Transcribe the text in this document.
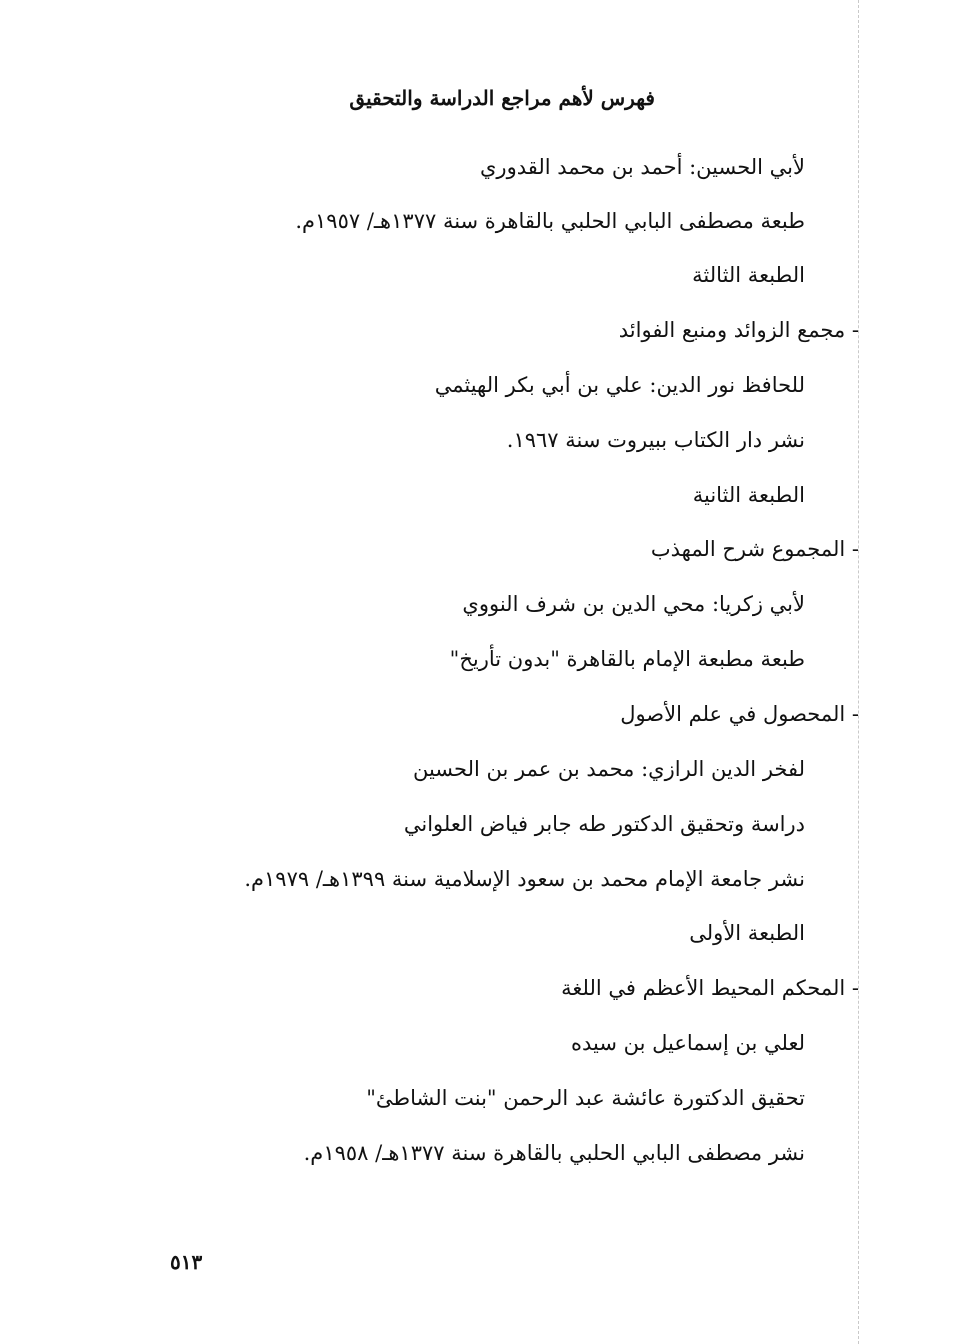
فهرس لأهم مراجع الدراسة والتحقيق
لأبي الحسين: أحمد بن محمد القدوري
طبعة مصطفى البابي الحلبي بالقاهرة سنة ١٣٧٧هـ/ ١٩٥٧م.
الطبعة الثالثة
- مجمع الزوائد ومنبع الفوائد
للحافظ نور الدين: علي بن أبي بكر الهيثمي
نشر دار الكتاب ببيروت سنة ١٩٦٧.
الطبعة الثانية
- المجموع شرح المهذب
لأبي زكريا: محي الدين بن شرف النووي
طبعة مطبعة الإمام بالقاهرة "بدون تأريخ"
- المحصول في علم الأصول
لفخر الدين الرازي: محمد بن عمر بن الحسين
دراسة وتحقيق الدكتور طه جابر فياض العلواني
نشر جامعة الإمام محمد بن سعود الإسلامية سنة ١٣٩٩هـ/ ١٩٧٩م.
الطبعة الأولى
- المحكم المحيط الأعظم في اللغة
لعلي بن إسماعيل بن سيده
تحقيق الدكتورة عائشة عبد الرحمن "بنت الشاطئ"
نشر مصطفى البابي الحلبي بالقاهرة سنة ١٣٧٧هـ/ ١٩٥٨م.
٥١٣
